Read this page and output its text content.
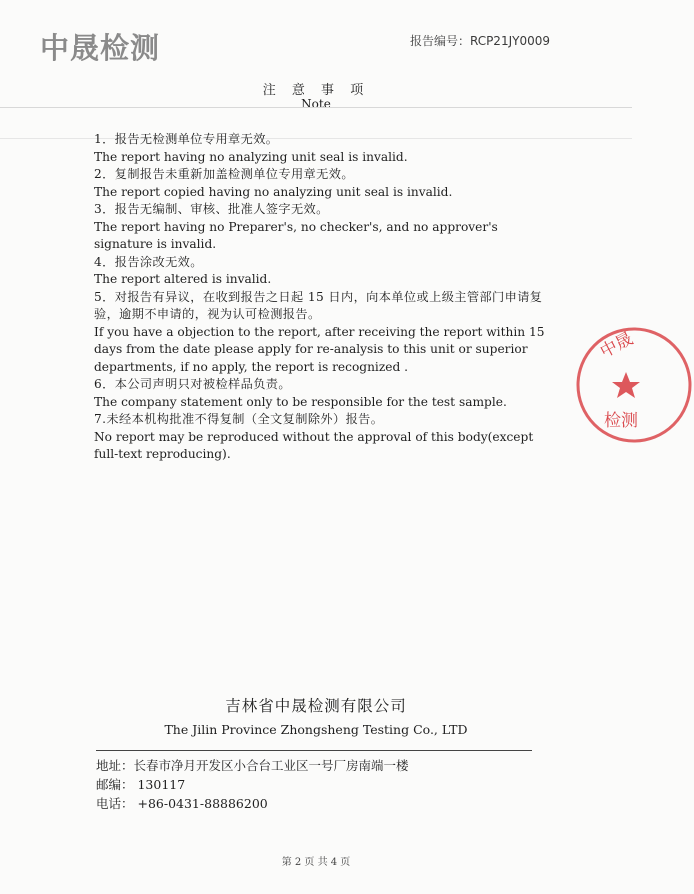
中晟检测	报告编号：RCP21JY0009
注 意 事 项
Note

1．报告无检测单位专用章无效。

The report having no analyzing unit seal is invalid.

2．复制报告未重新加盖检测单位专用章无效。

The report copied having no analyzing unit seal is invalid.

3．报告无编制、审核、批准人签字无效。

The report having no Preparer's, no checker's, and no approver's signature is invalid.

4．报告涂改无效。

The report altered is invalid.

5．对报告有异议，在收到报告之日起 15 日内，向本单位或上级主管部门申请复验，逾期不申请的，视为认可检测报告。

If you have a objection to the report, after receiving the report within 15 days from the date please apply for re-analysis to this unit or superior departments, if no apply, the report is recognized .

6．本公司声明只对被检样品负责。

The company statement only to be responsible for the test sample.

7.未经本机构批准不得复制（全文复制除外）报告。

No report may be reproduced without the approval of this body(except full-text reproducing).

中晟
检测
吉林省中晟检测有限公司
The Jilin Province Zhongsheng Testing Co., LTD
地址：长春市净月开发区小合台工业区一号厂房南端一楼
邮编： 130117
电话： +86-0431-88886200
第 2 页 共 4 页
